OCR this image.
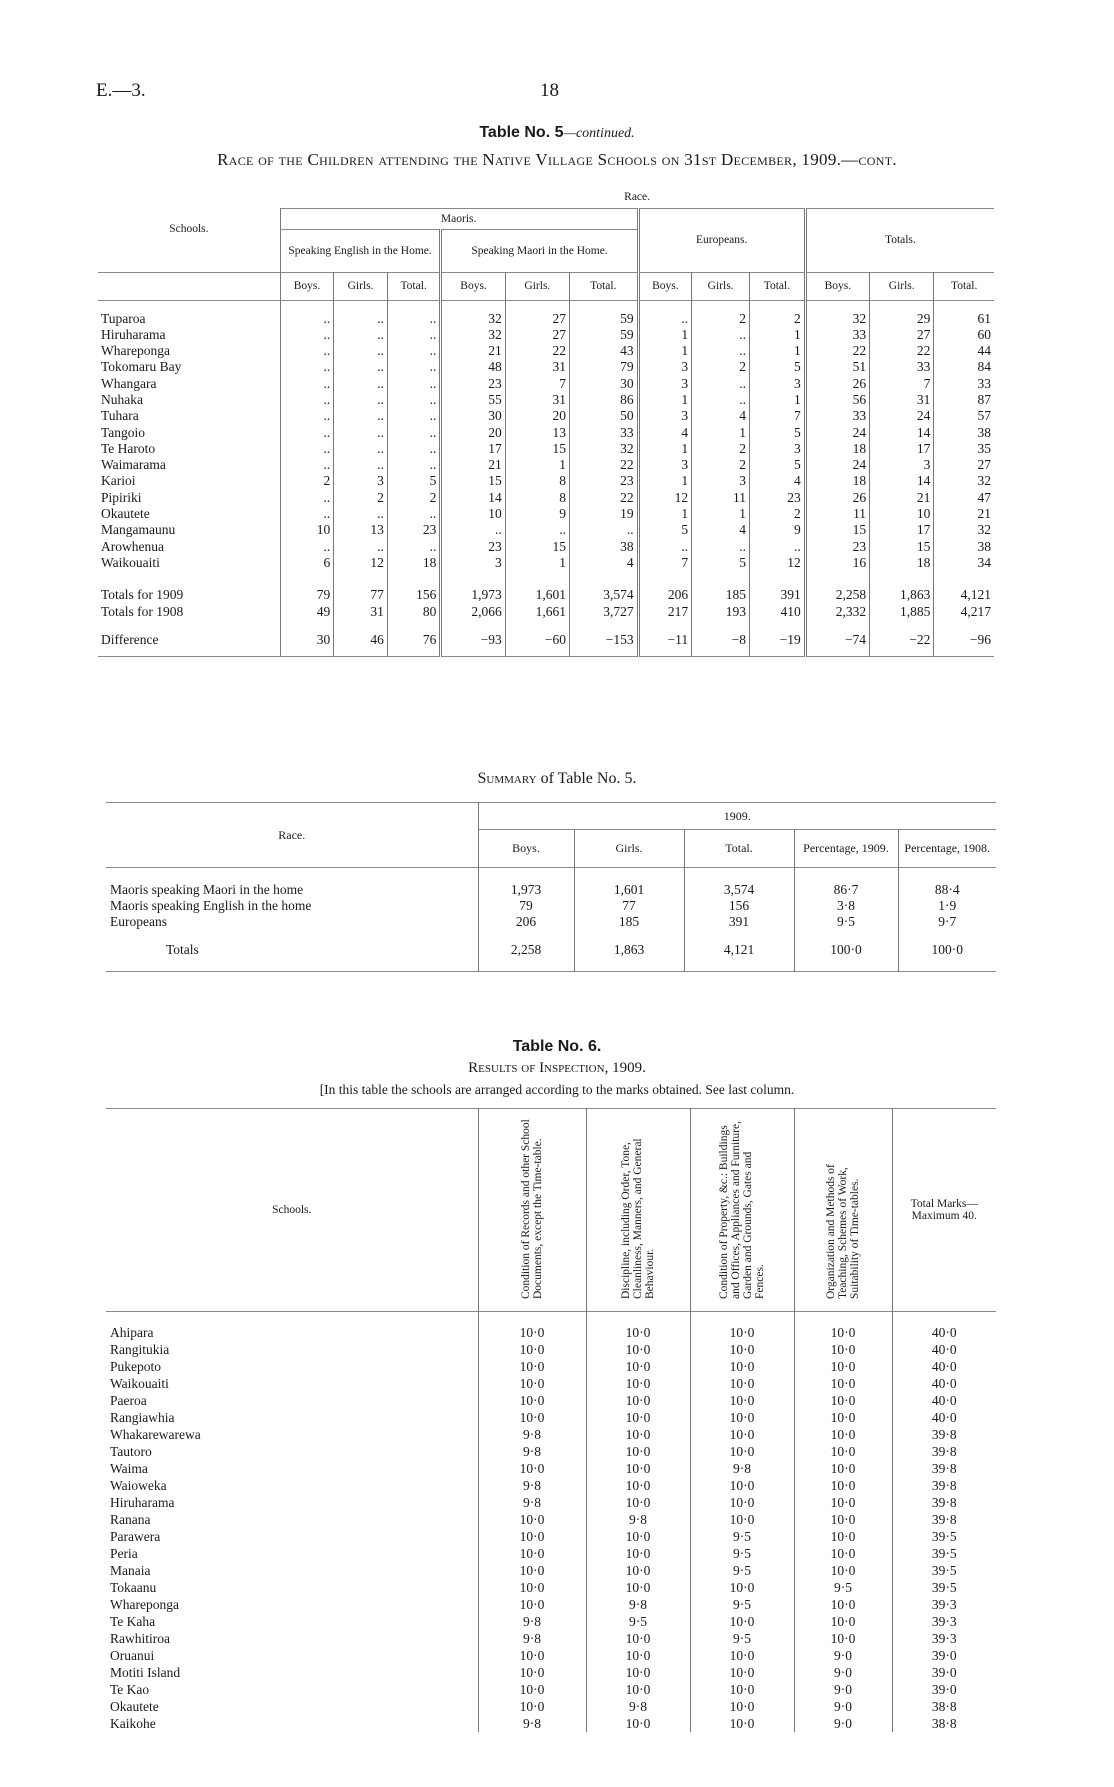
E.—3.	18
Table No. 5—continued.
Race of the Children attending the Native Village Schools on 31st December, 1909.—cont.
Schools.	Race.											
	Maoris.						Europeans.			Totals.		
	Speaking English in the Home.			Speaking Maori in the Home.								
	Boys.	Girls.	Total.	Boys.	Girls.	Total.	Boys.	Girls.	Total.	Boys.	Girls.	Total.

Tuparoa	..	..	..	32	27	59	..	2	2	32	29	61
Hiruharama	..	..	..	32	27	59	1	..	1	33	27	60
Whareponga	..	..	..	21	22	43	1	..	1	22	22	44
Tokomaru Bay	..	..	..	48	31	79	3	2	5	51	33	84
Whangara	..	..	..	23	7	30	3	..	3	26	7	33
Nuhaka	..	..	..	55	31	86	1	..	1	56	31	87
Tuhara	..	..	..	30	20	50	3	4	7	33	24	57
Tangoio	..	..	..	20	13	33	4	1	5	24	14	38
Te Haroto	..	..	..	17	15	32	1	2	3	18	17	35
Waimarama	..	..	..	21	1	22	3	2	5	24	3	27
Karioi	2	3	5	15	8	23	1	3	4	18	14	32
Pipiriki	..	2	2	14	8	22	12	11	23	26	21	47
Okautete	..	..	..	10	9	19	1	1	2	11	10	21
Mangamaunu	10	13	23	..	..	..	5	4	9	15	17	32
Arowhenua	..	..	..	23	15	38	..	..	..	23	15	38
Waikouaiti	6	12	18	3	1	4	7	5	12	16	18	34

Totals for 1909	79	77	156	1,973	1,601	3,574	206	185	391	2,258	1,863	4,121
Totals for 1908	49	31	80	2,066	1,661	3,727	217	193	410	2,332	1,885	4,217

Difference	30	46	76	−93	−60	−153	−11	−8	−19	−74	−22	−96

Summary of Table No. 5.
Race.	1909.				
	Boys.	Girls.	Total.	Percentage, 1909.	Percentage, 1908.

Maoris speaking Maori in the home	1,973	1,601	3,574	86·7	88·4
Maoris speaking English in the home	79	77	156	3·8	1·9
Europeans	206	185	391	9·5	9·7

Totals	2,258	1,863	4,121	100·0	100·0

Table No. 6.
Results of Inspection, 1909.
[In this table the schools are arranged according to the marks obtained. See last column.
Schools.	Condition of Records and other School Documents, except the Time-table.	Discipline, including Order, Tone, Cleanliness, Manners, and General Behaviour.	Condition of Property, &c.: Buildings and Offices, Appliances and Furniture, Garden and Grounds, Gates and Fences.	Organization and Methods of Teaching, Schemes of Work, Suitability of Time-tables.	Total Marks— Maximum 40.

Ahipara	10·0	10·0	10·0	10·0	40·0
Rangitukia	10·0	10·0	10·0	10·0	40·0
Pukepoto	10·0	10·0	10·0	10·0	40·0
Waikouaiti	10·0	10·0	10·0	10·0	40·0
Paeroa	10·0	10·0	10·0	10·0	40·0
Rangiawhia	10·0	10·0	10·0	10·0	40·0
Whakarewarewa	9·8	10·0	10·0	10·0	39·8
Tautoro	9·8	10·0	10·0	10·0	39·8
Waima	10·0	10·0	9·8	10·0	39·8
Waioweka	9·8	10·0	10·0	10·0	39·8
Hiruharama	9·8	10·0	10·0	10·0	39·8
Ranana	10·0	9·8	10·0	10·0	39·8
Parawera	10·0	10·0	9·5	10·0	39·5
Peria	10·0	10·0	9·5	10·0	39·5
Manaia	10·0	10·0	9·5	10·0	39·5
Tokaanu	10·0	10·0	10·0	9·5	39·5
Whareponga	10·0	9·8	9·5	10·0	39·3
Te Kaha	9·8	9·5	10·0	10·0	39·3
Rawhitiroa	9·8	10·0	9·5	10·0	39·3
Oruanui	10·0	10·0	10·0	9·0	39·0
Motiti Island	10·0	10·0	10·0	9·0	39·0
Te Kao	10·0	10·0	10·0	9·0	39·0
Okautete	10·0	9·8	10·0	9·0	38·8
Kaikohe	9·8	10·0	10·0	9·0	38·8
